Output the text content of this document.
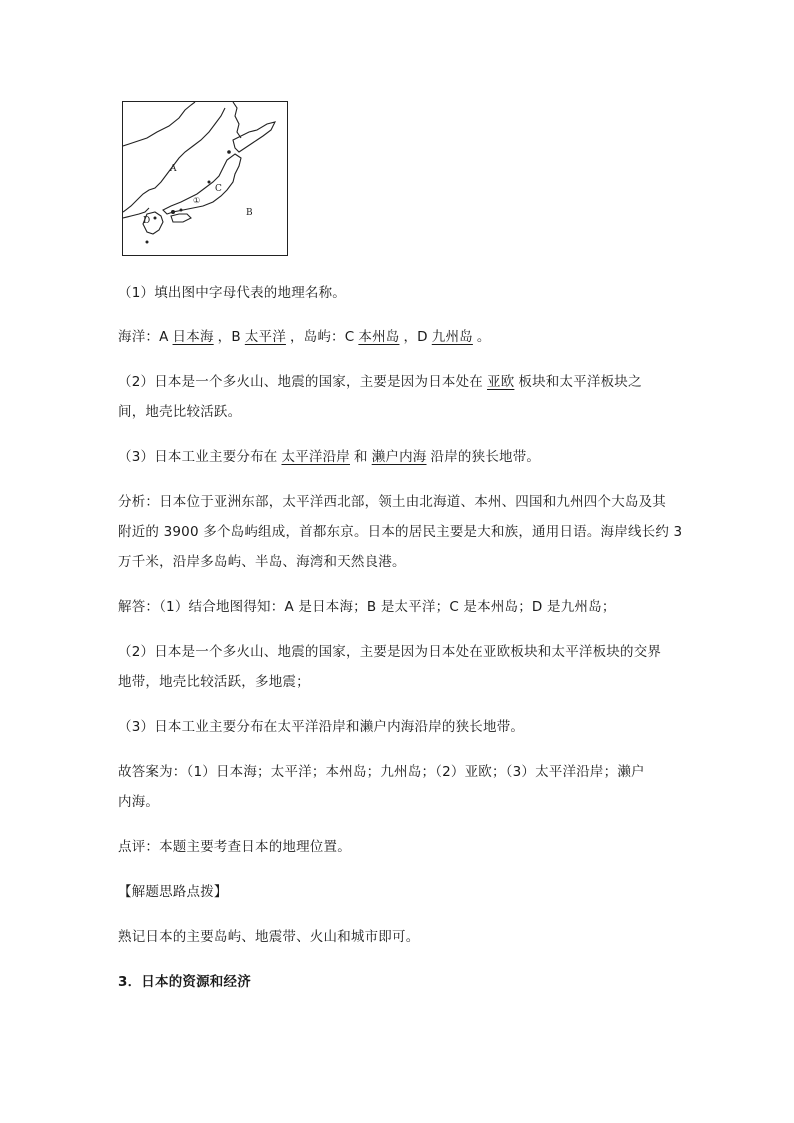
A
B
C
D
①
（1）填出图中字母代表的地理名称。
海洋：A 日本海 ，B 太平洋 ，岛屿：C 本州岛 ，D 九州岛 。
（2）日本是一个多火山、地震的国家，主要是因为日本处在 亚欧 板块和太平洋板块之
间，地壳比较活跃。
（3）日本工业主要分布在 太平洋沿岸 和 濑户内海 沿岸的狭长地带。
分析：日本位于亚洲东部，太平洋西北部，领土由北海道、本州、四国和九州四个大岛及其
附近的 3900 多个岛屿组成，首都东京。日本的居民主要是大和族，通用日语。海岸线长约 3
万千米，沿岸多岛屿、半岛、海湾和天然良港。
解答：（1）结合地图得知：A 是日本海；B 是太平洋；C 是本州岛；D 是九州岛；
（2）日本是一个多火山、地震的国家，主要是因为日本处在亚欧板块和太平洋板块的交界
地带，地壳比较活跃，多地震；
（3）日本工业主要分布在太平洋沿岸和濑户内海沿岸的狭长地带。
故答案为：（1）日本海；太平洋；本州岛；九州岛；（2）亚欧；（3）太平洋沿岸；濑户
内海。
点评：本题主要考查日本的地理位置。
【解题思路点拨】
熟记日本的主要岛屿、地震带、火山和城市即可。
3．日本的资源和经济
